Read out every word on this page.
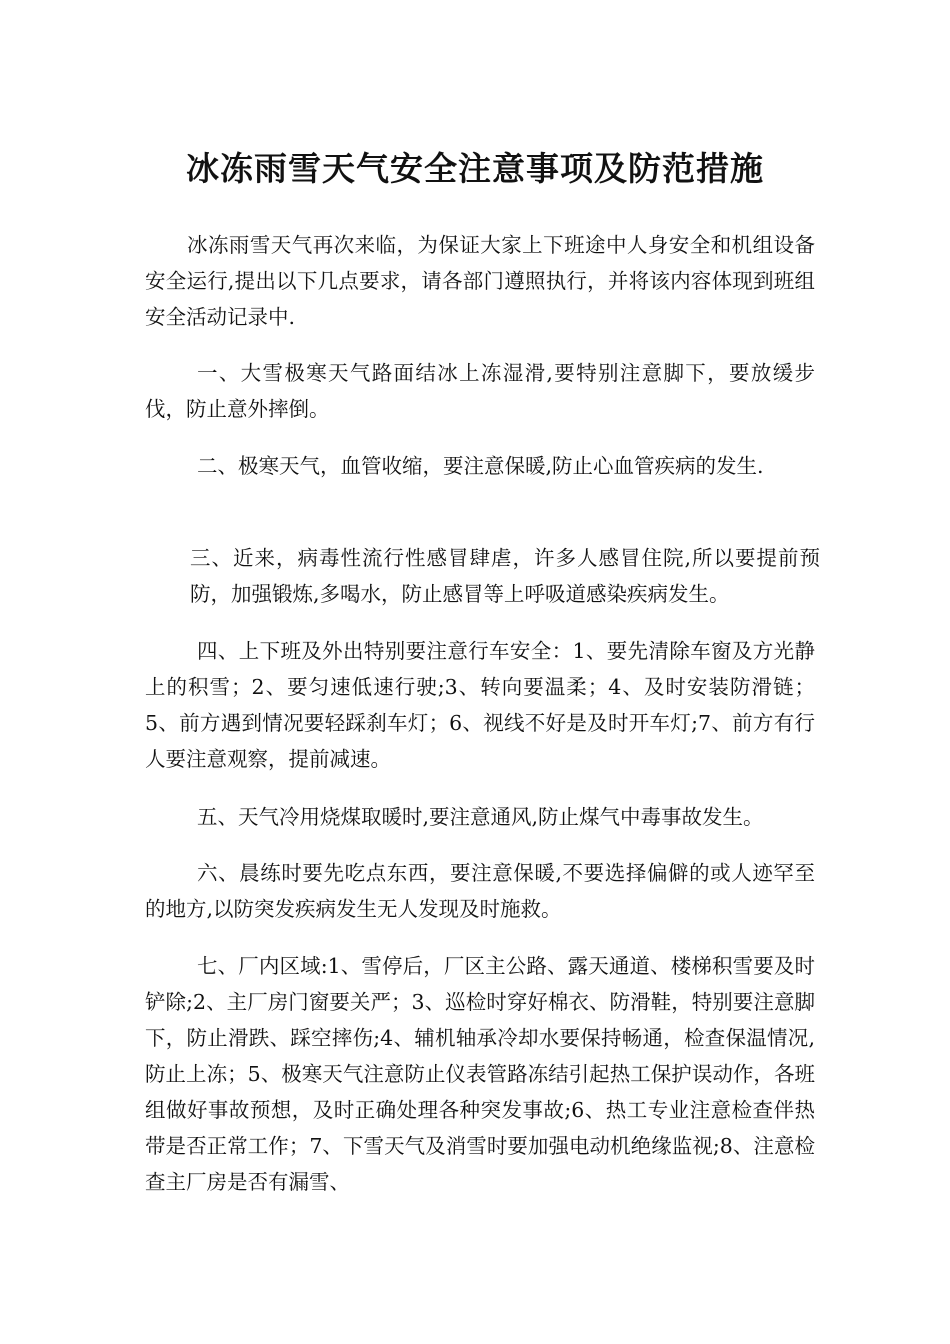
冰冻雨雪天气安全注意事项及防范措施

冰冻雨雪天气再次来临，为保证大家上下班途中人身安全和机组设备安全运行,提出以下几点要求，请各部门遵照执行，并将该内容体现到班组安全活动记录中.

一、大雪极寒天气路面结冰上冻湿滑,要特别注意脚下，要放缓步伐，防止意外摔倒。

二、极寒天气，血管收缩，要注意保暖,防止心血管疾病的发生.

三、近来，病毒性流行性感冒肆虐，许多人感冒住院,所以要提前预防，加强锻炼,多喝水，防止感冒等上呼吸道感染疾病发生。

四、上下班及外出特别要注意行车安全：1、要先清除车窗及方光静上的积雪；2、要匀速低速行驶;3、转向要温柔；4、及时安装防滑链；5、前方遇到情况要轻踩刹车灯；6、视线不好是及时开车灯;7、前方有行人要注意观察，提前减速。

五、天气冷用烧煤取暖时,要注意通风,防止煤气中毒事故发生。

六、晨练时要先吃点东西，要注意保暖,不要选择偏僻的或人迹罕至的地方,以防突发疾病发生无人发现及时施救。

七、厂内区域:1、雪停后，厂区主公路、露天通道、楼梯积雪要及时铲除;2、主厂房门窗要关严；3、巡检时穿好棉衣、防滑鞋，特别要注意脚下，防止滑跌、踩空摔伤;4、辅机轴承冷却水要保持畅通，检查保温情况,防止上冻；5、极寒天气注意防止仪表管路冻结引起热工保护误动作，各班组做好事故预想，及时正确处理各种突发事故;6、热工专业注意检查伴热带是否正常工作；7、下雪天气及消雪时要加强电动机绝缘监视;8、注意检查主厂房是否有漏雪、
